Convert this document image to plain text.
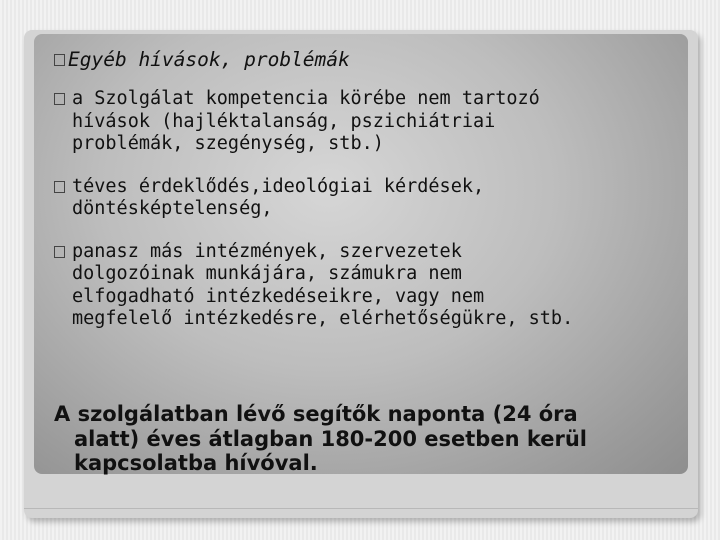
Egyéb hívások, problémák
a Szolgálat kompetencia körébe nem tartozó
hívások (hajléktalanság, pszichiátriai
problémák, szegénység, stb.)
téves érdeklődés,ideológiai kérdések,
döntésképtelenség,
panasz más intézmények, szervezetek
dolgozóinak munkájára, számukra nem
elfogadható intézkedéseikre, vagy nem
megfelelő intézkedésre, elérhetőségükre, stb.
A szolgálatban lévő segítők naponta (24 óra
alatt) éves átlagban 180-200 esetben kerül
kapcsolatba hívóval.
